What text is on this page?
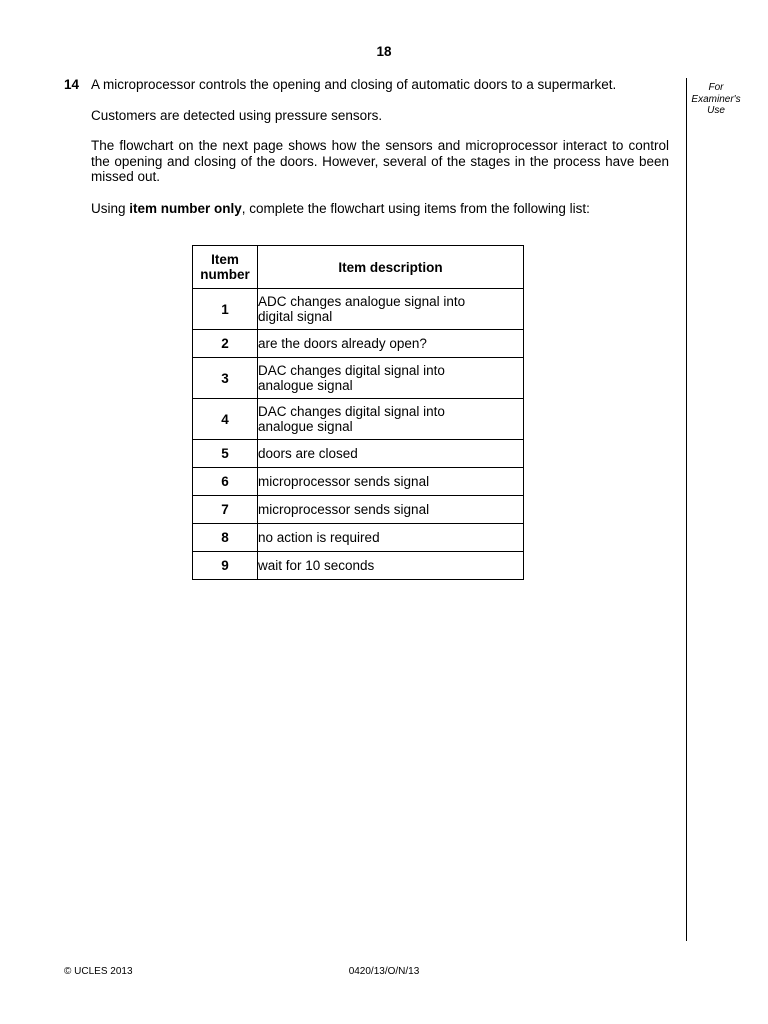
18
For
Examiner's
Use
14 A microprocessor controls the opening and closing of automatic doors to a supermarket.
Customers are detected using pressure sensors.
The flowchart on the next page shows how the sensors and microprocessor interact to control the opening and closing of the doors. However, several of the stages in the process have been missed out.
Using item number only, complete the flowchart using items from the following list:
Item
number	Item description
1	ADC changes analogue signal into
digital signal

2	are the doors already open?

3	DAC changes digital signal into
analogue signal

4	DAC changes digital signal into
analogue signal

5	doors are closed

6	microprocessor sends signal

7	microprocessor sends signal

8	no action is required

9	wait for 10 seconds
© UCLES 2013	0420/13/O/N/13
